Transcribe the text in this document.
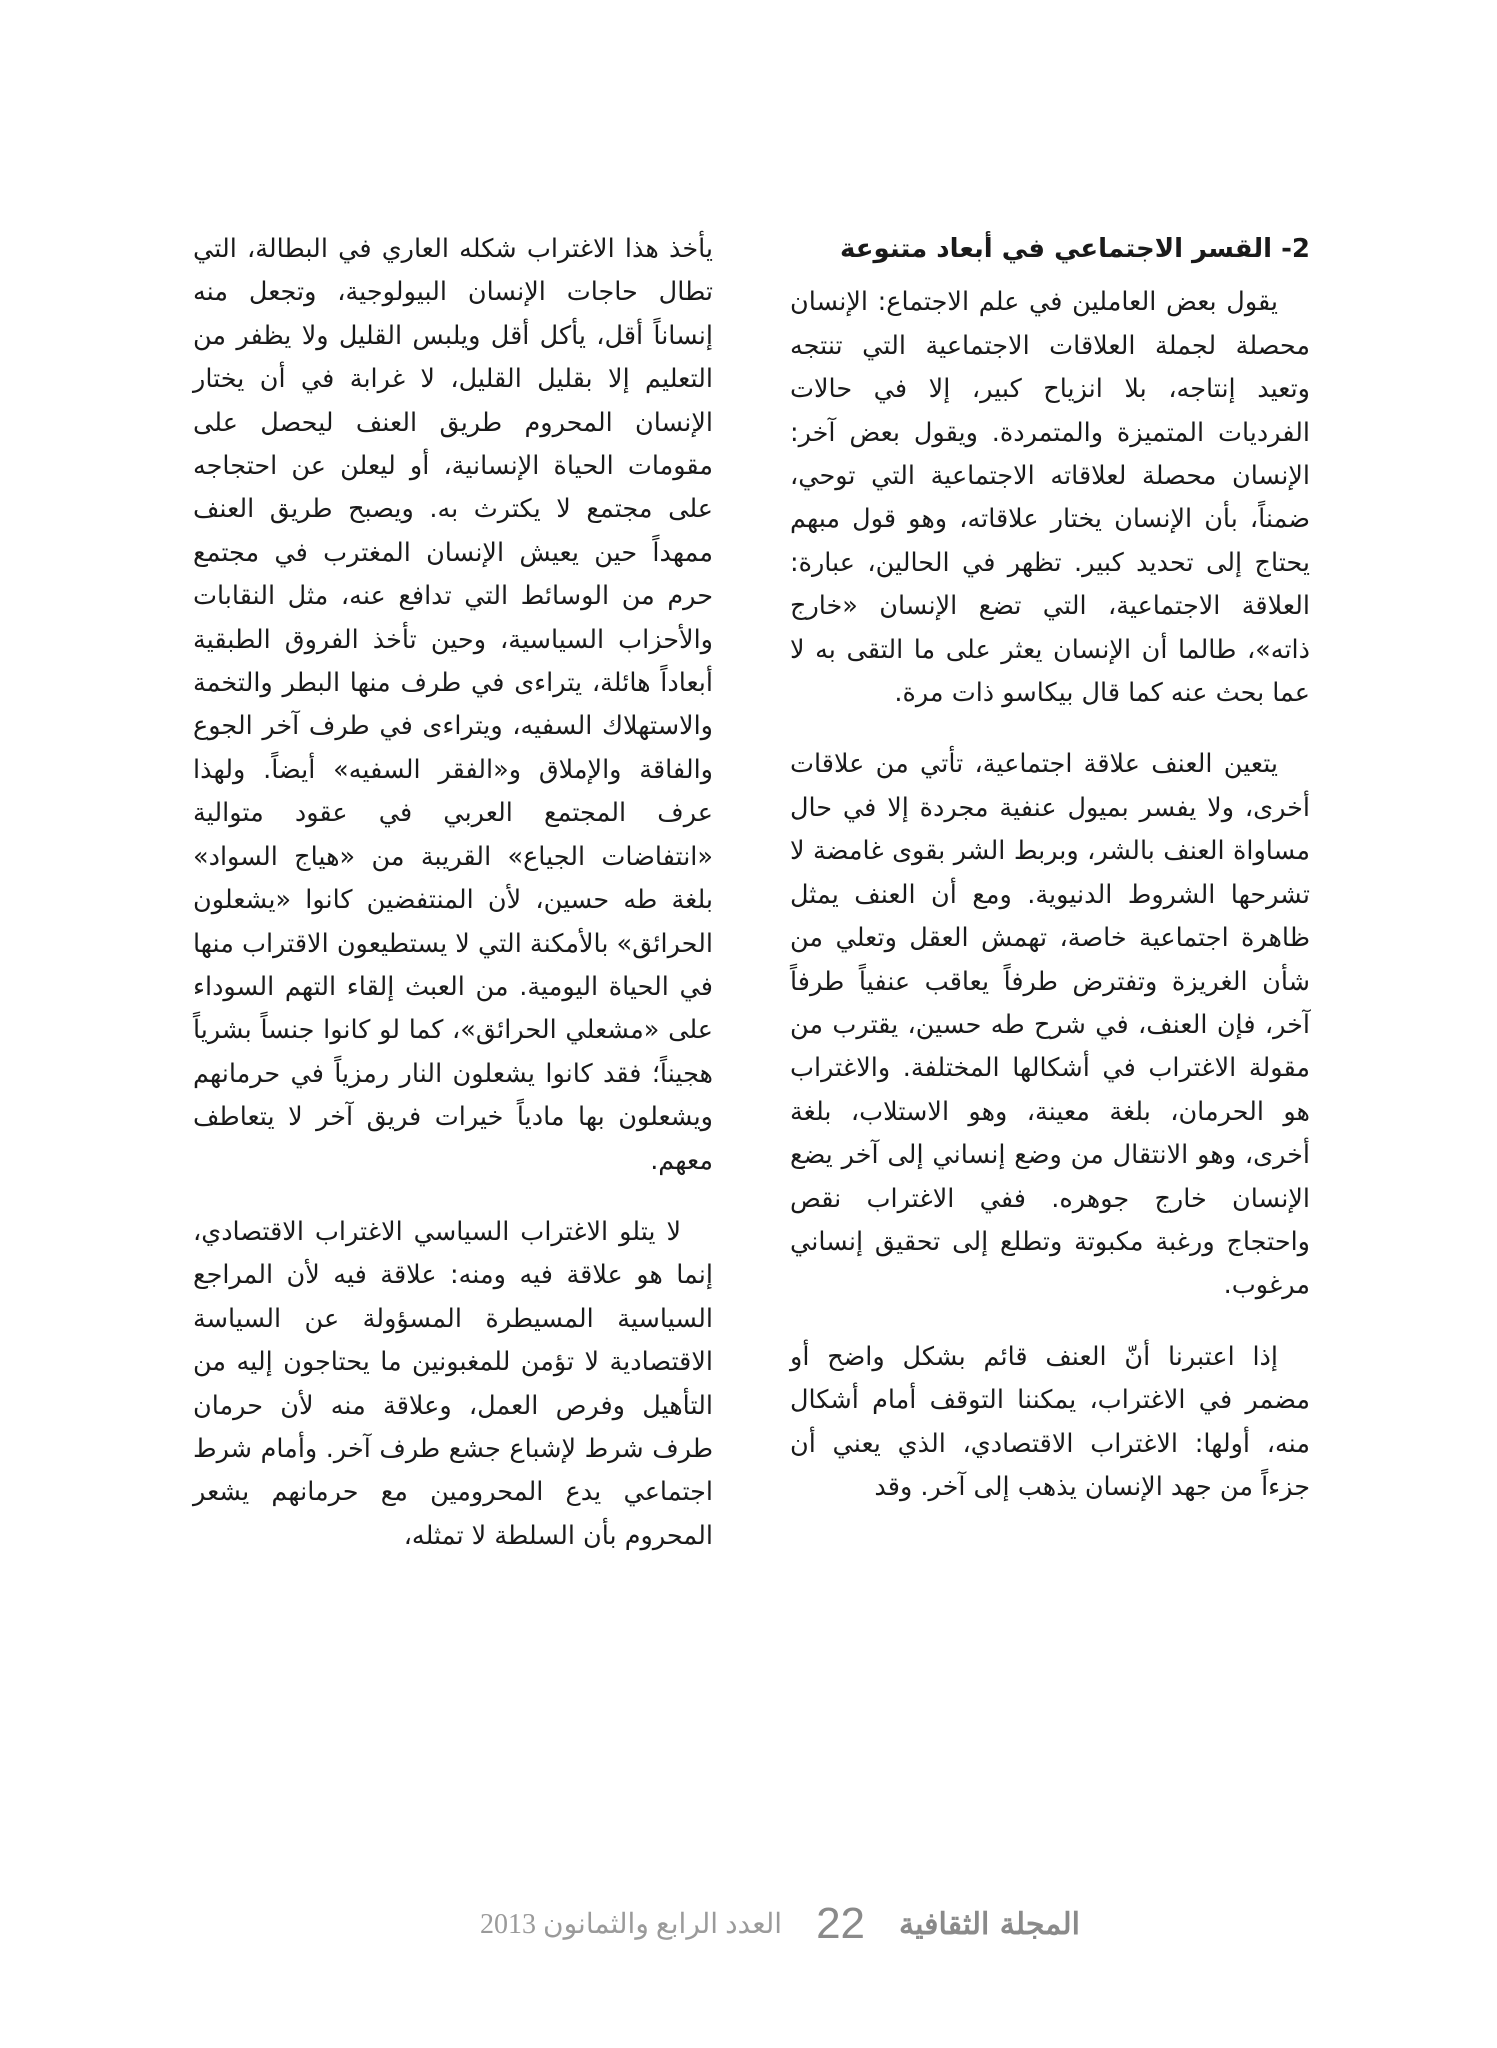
2- القسر الاجتماعي في أبعاد متنوعة

يقول بعض العاملين في علم الاجتماع: الإنسان محصلة لجملة العلاقات الاجتماعية التي تنتجه وتعيد إنتاجه، بلا انزياح كبير، إلا في حالات الفرديات المتميزة والمتمردة. ويقول بعض آخر: الإنسان محصلة لعلاقاته الاجتماعية التي توحي، ضمناً، بأن الإنسان يختار علاقاته، وهو قول مبهم يحتاج إلى تحديد كبير. تظهر في الحالين، عبارة: العلاقة الاجتماعية، التي تضع الإنسان «خارج ذاته»، طالما أن الإنسان يعثر على ما التقى به لا عما بحث عنه كما قال بيكاسو ذات مرة.

يتعين العنف علاقة اجتماعية، تأتي من علاقات أخرى، ولا يفسر بميول عنفية مجردة إلا في حال مساواة العنف بالشر، وبربط الشر بقوى غامضة لا تشرحها الشروط الدنيوية. ومع أن العنف يمثل ظاهرة اجتماعية خاصة، تهمش العقل وتعلي من شأن الغريزة وتفترض طرفاً يعاقب عنفياً طرفاً آخر، فإن العنف، في شرح طه حسين، يقترب من مقولة الاغتراب في أشكالها المختلفة. والاغتراب هو الحرمان، بلغة معينة، وهو الاستلاب، بلغة أخرى، وهو الانتقال من وضع إنساني إلى آخر يضع الإنسان خارج جوهره. ففي الاغتراب نقص واحتجاج ورغبة مكبوتة وتطلع إلى تحقيق إنساني مرغوب.

إذا اعتبرنا أنّ العنف قائم بشكل واضح أو مضمر في الاغتراب، يمكننا التوقف أمام أشكال منه، أولها: الاغتراب الاقتصادي، الذي يعني أن جزءاً من جهد الإنسان يذهب إلى آخر. وقد

يأخذ هذا الاغتراب شكله العاري في البطالة، التي تطال حاجات الإنسان البيولوجية، وتجعل منه إنساناً أقل، يأكل أقل ويلبس القليل ولا يظفر من التعليم إلا بقليل القليل، لا غرابة في أن يختار الإنسان المحروم طريق العنف ليحصل على مقومات الحياة الإنسانية، أو ليعلن عن احتجاجه على مجتمع لا يكترث به. ويصبح طريق العنف ممهداً حين يعيش الإنسان المغترب في مجتمع حرم من الوسائط التي تدافع عنه، مثل النقابات والأحزاب السياسية، وحين تأخذ الفروق الطبقية أبعاداً هائلة، يتراءى في طرف منها البطر والتخمة والاستهلاك السفيه، ويتراءى في طرف آخر الجوع والفاقة والإملاق و«الفقر السفيه» أيضاً. ولهذا عرف المجتمع العربي في عقود متوالية «انتفاضات الجياع» القريبة من «هياج السواد» بلغة طه حسين، لأن المنتفضين كانوا «يشعلون الحرائق» بالأمكنة التي لا يستطيعون الاقتراب منها في الحياة اليومية. من العبث إلقاء التهم السوداء على «مشعلي الحرائق»، كما لو كانوا جنساً بشرياً هجيناً؛ فقد كانوا يشعلون النار رمزياً في حرمانهم ويشعلون بها مادياً خيرات فريق آخر لا يتعاطف معهم.

لا يتلو الاغتراب السياسي الاغتراب الاقتصادي، إنما هو علاقة فيه ومنه: علاقة فيه لأن المراجع السياسية المسيطرة المسؤولة عن السياسة الاقتصادية لا تؤمن للمغبونين ما يحتاجون إليه من التأهيل وفرص العمل، وعلاقة منه لأن حرمان طرف شرط لإشباع جشع طرف آخر. وأمام شرط اجتماعي يدع المحرومين مع حرمانهم يشعر المحروم بأن السلطة لا تمثله،

المجلة الثقافية
22
العدد الرابع والثمانون 2013
